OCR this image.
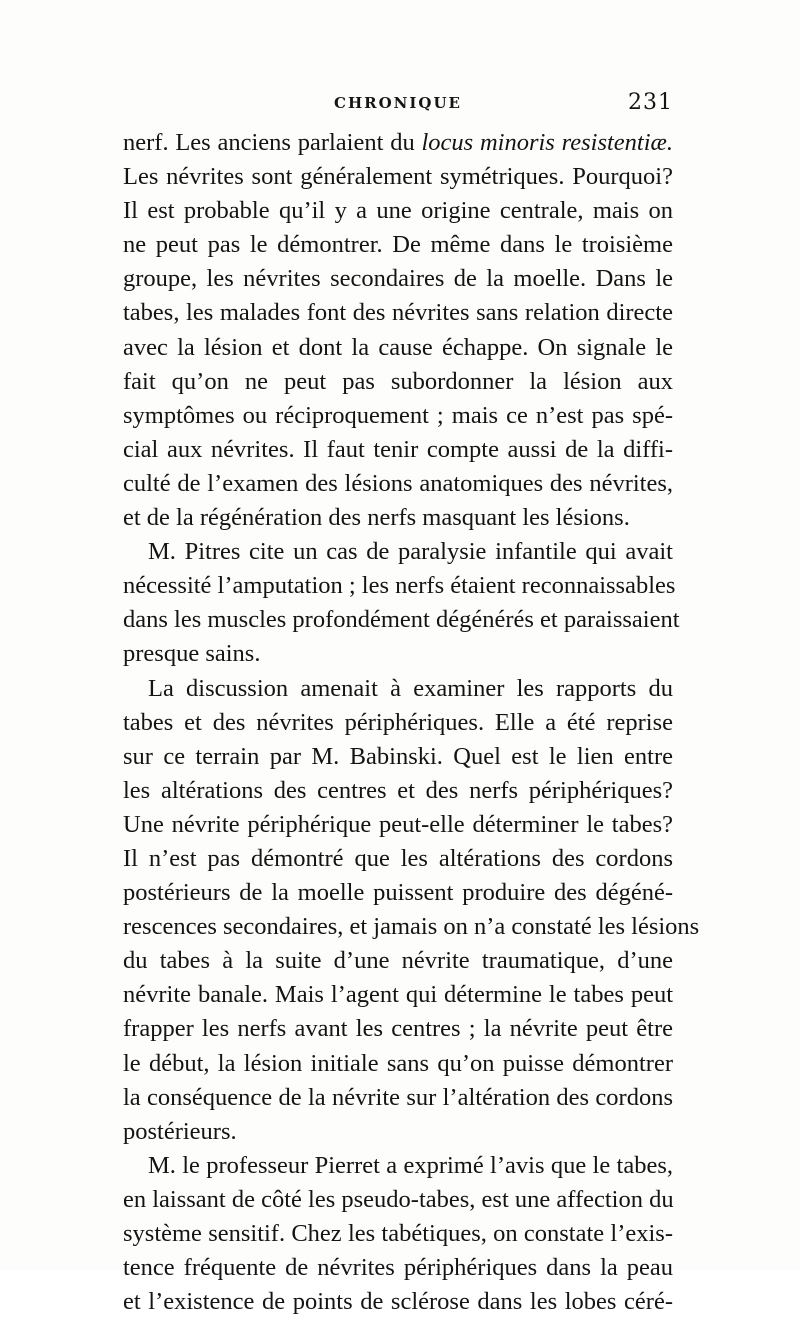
CHRONIQUE	231
nerf. Les anciens parlaient du locus minoris resistentiæ.
Les névrites sont généralement symétriques. Pourquoi?
Il est probable qu’il y a une origine centrale, mais on
ne peut pas le démontrer. De même dans le troisième
groupe, les névrites secondaires de la moelle. Dans le
tabes, les malades font des névrites sans relation directe
avec la lésion et dont la cause échappe. On signale le
fait qu’on ne peut pas subordonner la lésion aux
symptômes ou réciproquement ; mais ce n’est pas spé-
cial aux névrites. Il faut tenir compte aussi de la diffi-
culté de l’examen des lésions anatomiques des névrites,
et de la régénération des nerfs masquant les lésions.
M. Pitres cite un cas de paralysie infantile qui avait
nécessité l’amputation ; les nerfs étaient reconnaissables
dans les muscles profondément dégénérés et paraissaient
presque sains.
La discussion amenait à examiner les rapports du
tabes et des névrites périphériques. Elle a été reprise
sur ce terrain par M. Babinski. Quel est le lien entre
les altérations des centres et des nerfs périphériques?
Une névrite périphérique peut-elle déterminer le tabes?
Il n’est pas démontré que les altérations des cordons
postérieurs de la moelle puissent produire des dégéné-
rescences secondaires, et jamais on n’a constaté les lésions
du tabes à la suite d’une névrite traumatique, d’une
névrite banale. Mais l’agent qui détermine le tabes peut
frapper les nerfs avant les centres ; la névrite peut être
le début, la lésion initiale sans qu’on puisse démontrer
la conséquence de la névrite sur l’altération des cordons
postérieurs.
M. le professeur Pierret a exprimé l’avis que le tabes,
en laissant de côté les pseudo-tabes, est une affection du
système sensitif. Chez les tabétiques, on constate l’exis-
tence fréquente de névrites périphériques dans la peau
et l’existence de points de sclérose dans les lobes céré-
